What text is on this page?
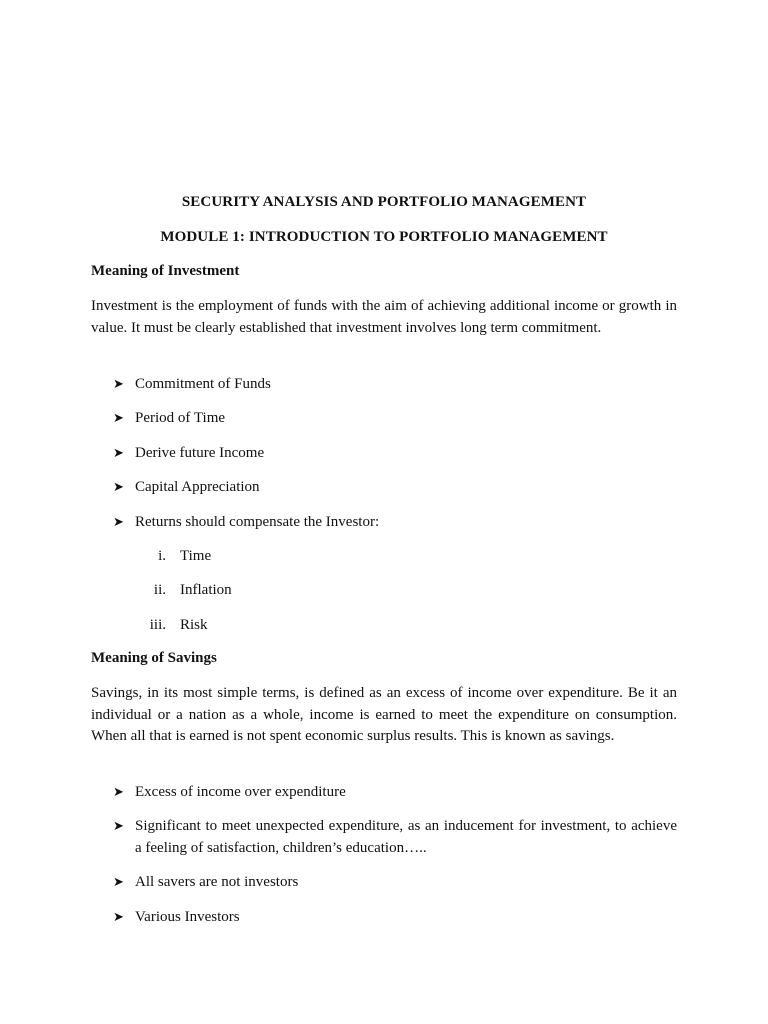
SECURITY ANALYSIS AND PORTFOLIO MANAGEMENT
MODULE 1: INTRODUCTION TO PORTFOLIO MANAGEMENT
Meaning of Investment

Investment is the employment of funds with the aim of achieving additional income or growth in value. It must be clearly established that investment involves long term commitment.

➤ Commitment of Funds
➤ Period of Time
➤ Derive future Income
➤ Capital Appreciation
➤ Returns should compensate the Investor:
i. Time
ii. Inflation
iii. Risk
Meaning of Savings

Savings, in its most simple terms, is defined as an excess of income over expenditure. Be it an individual or a nation as a whole, income is earned to meet the expenditure on consumption. When all that is earned is not spent economic surplus results. This is known as savings.

➤ Excess of income over expenditure
➤ Significant to meet unexpected expenditure, as an inducement for investment, to achieve a feeling of satisfaction, children’s education…..
➤ All savers are not investors
➤ Various Investors
